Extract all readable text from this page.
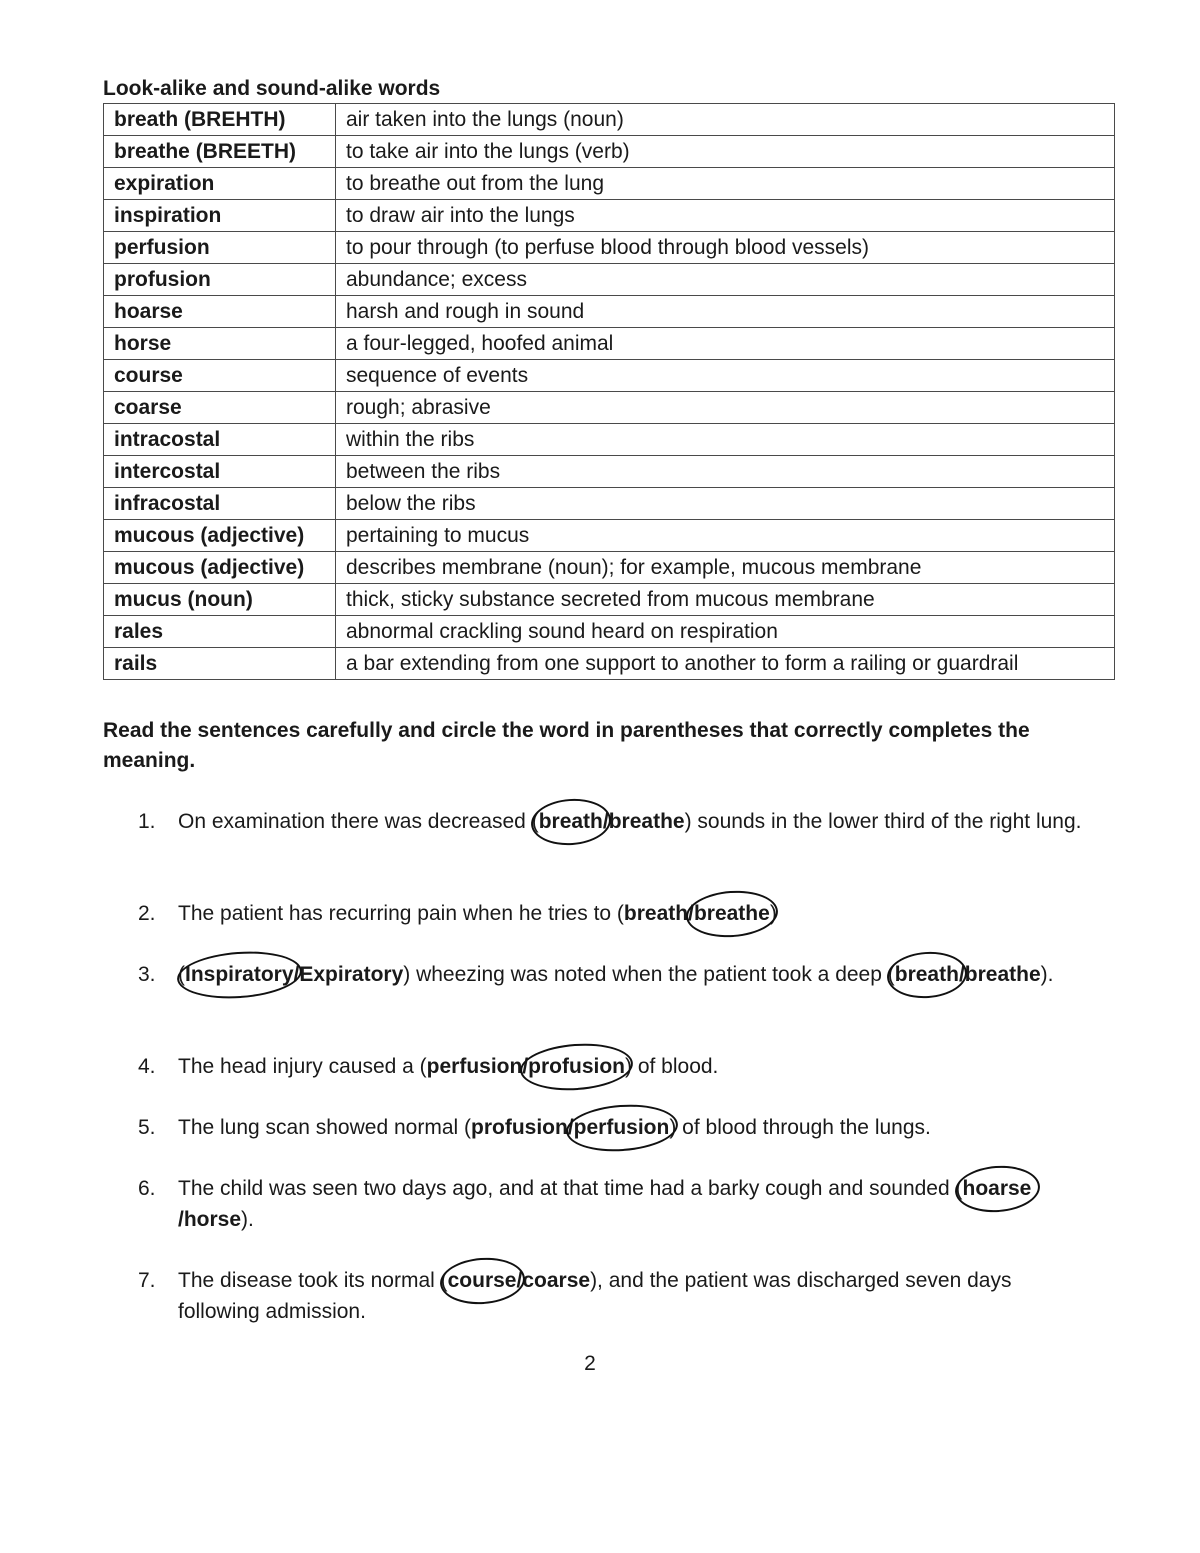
Look-alike and sound-alike words
breath (BREHTH)	air taken into the lungs (noun)
breathe (BREETH)	to take air into the lungs (verb)
expiration	to breathe out from the lung
inspiration	to draw air into the lungs
perfusion	to pour through (to perfuse blood through blood vessels)
profusion	abundance; excess
hoarse	harsh and rough in sound
horse	a four-legged, hoofed animal
course	sequence of events
coarse	rough; abrasive
intracostal	within the ribs
intercostal	between the ribs
infracostal	below the ribs
mucous (adjective)	pertaining to mucus
mucous (adjective)	describes membrane (noun); for example, mucous membrane
mucus (noun)	thick, sticky substance secreted from mucous membrane
rales	abnormal crackling sound heard on respiration
rails	a bar extending from one support to another to form a railing or guardrail
Read the sentences carefully and circle the word in parentheses that correctly completes the meaning.
1.	On examination there was decreased (breath/breathe) sounds in the lower third of the right lung.
2.	The patient has recurring pain when he tries to (breath/breathe)
3.	(Inspiratory/Expiratory) wheezing was noted when the patient took a deep (breath/breathe).
4.	The head injury caused a (perfusion/profusion) of blood.
5.	The lung scan showed normal (profusion/perfusion) of blood through the lungs.
6.	The child was seen two days ago, and at that time had a barky cough and sounded (hoarse/horse).
7.	The disease took its normal (course/coarse), and the patient was discharged seven days following admission.
2
